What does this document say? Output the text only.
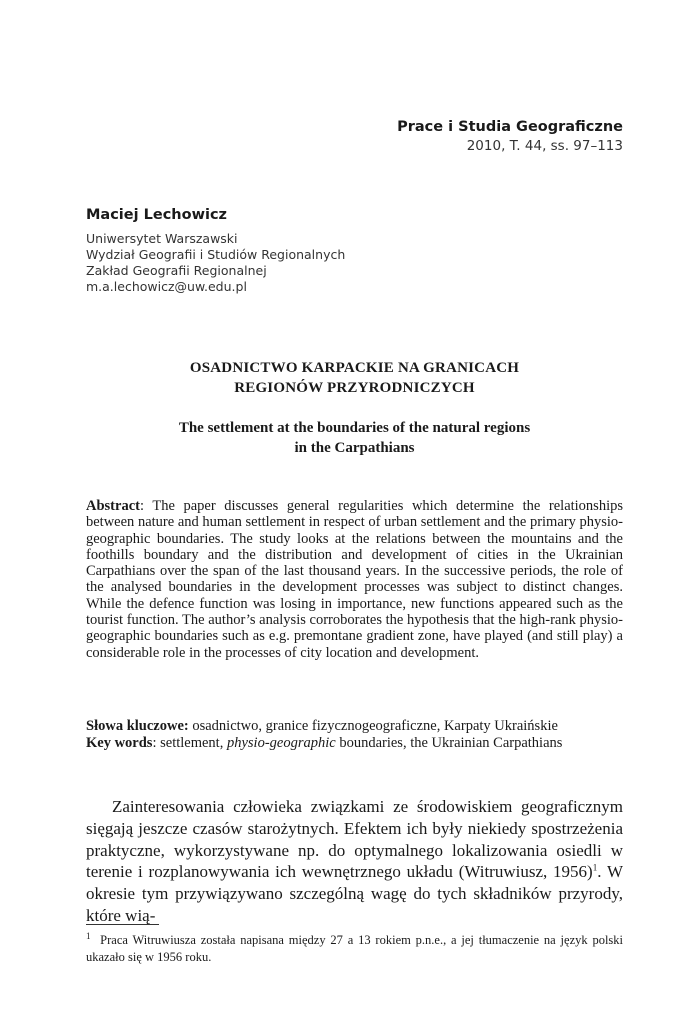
Prace i Studia Geograficzne
2010, T. 44, ss. 97–113
Maciej Lechowicz
Uniwersytet Warszawski
Wydział Geografii i Studiów Regionalnych
Zakład Geografii Regionalnej
m.a.lechowicz@uw.edu.pl
OSADNICTWO KARPACKIE NA GRANICACH
REGIONÓW PRZYRODNICZYCH
The settlement at the boundaries of the natural regions
in the Carpathians
Abstract: The paper discusses general regularities which determine the relationships between nature and human settlement in respect of urban settlement and the primary physio-geographic boundaries. The study looks at the relations between the mountains and the foothills boundary and the distribution and development of cities in the Ukrainian Carpathians over the span of the last thousand years. In the successive periods, the role of the analysed boundaries in the development processes was subject to distinct changes. While the defence function was losing in importance, new functions appeared such as the tourist function. The author’s analysis corroborates the hypothesis that the high-rank physio-geographic boundaries such as e.g. premontane gradient zone, have played (and still play) a considerable role in the processes of city location and development.
Słowa kluczowe: osadnictwo, granice fizycznogeograficzne, Karpaty Ukraińskie
Key words: settlement, physio-geographic boundaries, the Ukrainian Carpathians
Zainteresowania człowieka związkami ze środowiskiem geograficznym sięgają jeszcze czasów starożytnych. Efektem ich były niekiedy spostrzeżenia praktyczne, wykorzystywane np. do optymalnego lokalizowania osiedli w terenie i rozplanowywania ich wewnętrznego układu (Witruwiusz, 1956)$^1$. W okresie tym przywiązywano szczególną wagę do tych składników przyrody, które wią-
$^1$ Praca Witruwiusza została napisana między 27 a 13 rokiem p.n.e., a jej tłumaczenie na język polski ukazało się w 1956 roku.
